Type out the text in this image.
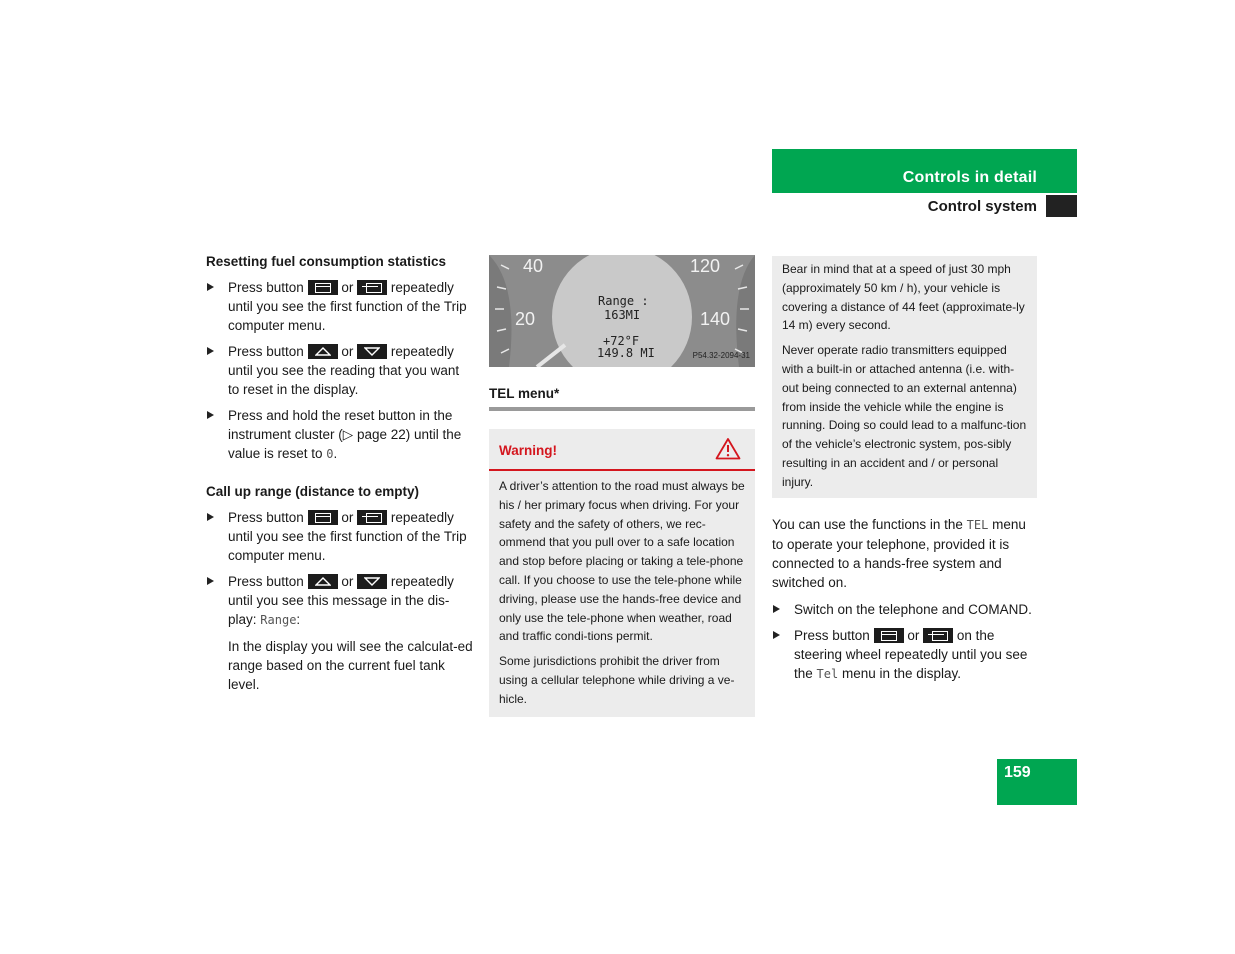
Controls in detail
Control system
Resetting fuel consumption statistics
Press button	or	repeatedly until you see the first function of the Trip computer menu.
Press button	or	repeatedly until you see the reading that you want to reset in the display.
Press and hold the reset button in the instrument cluster (▷ page 22) until the value is reset to 0.
Call up range (distance to empty)
Press button	or	repeatedly until you see the first function of the Trip computer menu.
Press button	or	repeatedly until you see this message in the dis-play: Range:
In the display you will see the calculat-ed range based on the current fuel tank level.
40
20
120
140
Range :
163MI
+72°F
149.8 MI	P54.32-2094-31
TEL menu*
Warning!

A driver’s attention to the road must always be his / her primary focus when driving. For your safety and the safety of others, we rec-ommend that you pull over to a safe location and stop before placing or taking a tele-phone call. If you choose to use the tele-phone while driving, please use the hands-free device and only use the tele-phone when weather, road and traffic condi-tions permit.

Some jurisdictions prohibit the driver from using a cellular telephone while driving a ve-hicle.

Bear in mind that at a speed of just 30 mph (approximately 50 km / h), your vehicle is covering a distance of 44 feet (approximate-ly 14 m) every second.

Never operate radio transmitters equipped with a built-in or attached antenna (i.e. with-out being connected to an external antenna) from inside the vehicle while the engine is running. Doing so could lead to a malfunc-tion of the vehicle’s electronic system, pos-sibly resulting in an accident and / or personal injury.

You can use the functions in the TEL menu to operate your telephone, provided it is connected to a hands-free system and switched on.
Switch on the telephone and COMAND.
Press button	or	on the steering wheel repeatedly until you see the Tel menu in the display.
159
